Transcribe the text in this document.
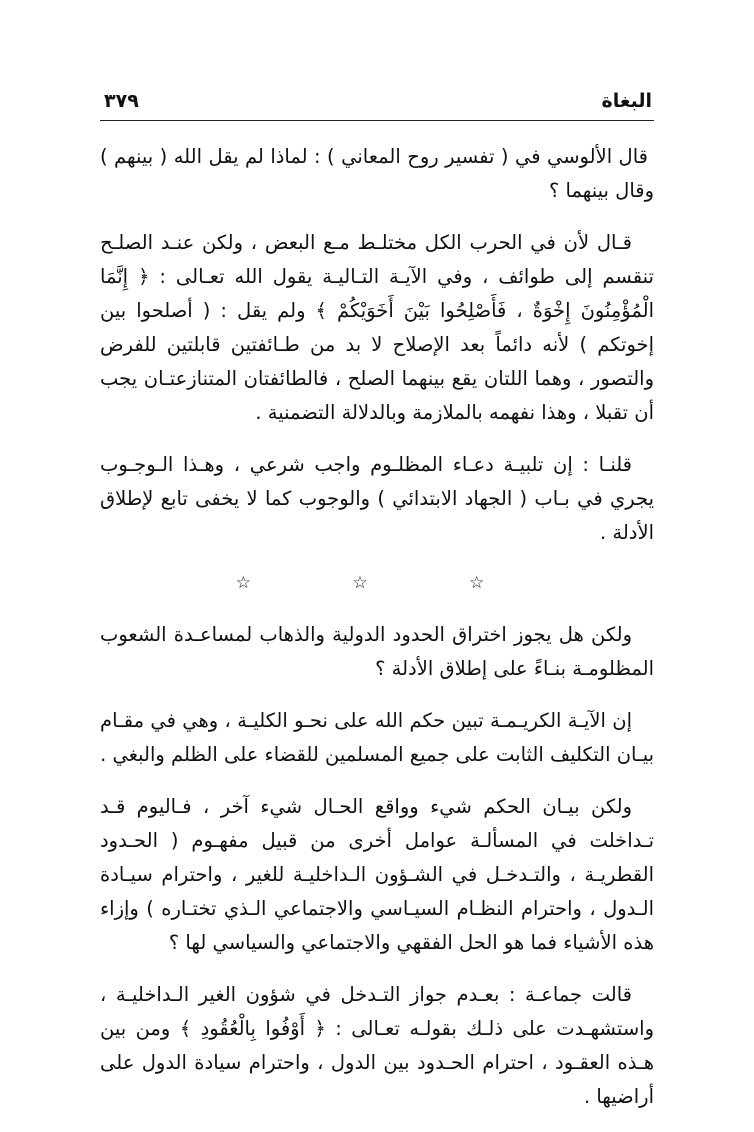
البغاة
٣٧٩

قال الألوسي في ( تفسير روح المعاني ) : لماذا لم يقل الله ( بينهم ) وقال بينهما ؟

قـال لأن في الحرب الكل مختلـط مـع البعض ، ولكن عنـد الصلـح تنقسم إلى طوائف ، وفي الآيـة التـاليـة يقول الله تعـالى : ﴿ إِنَّمَا الْمُؤْمِنُونَ إِخْوَةٌ ، فَأَصْلِحُوا بَيْنَ أَخَوَيْكُمْ ﴾ ولم يقل : ( أصلحوا بين إخوتكم ) لأنه دائماً بعد الإصلاح لا بد من طـائفتين قابلتين للفرض والتصور ، وهما اللتان يقع بينهما الصلح ، فالطائفتان المتنازعتـان يجب أن تقبلا ، وهذا نفهمه بالملازمة وبالدلالة التضمنية .

قلنـا : إن تلبيـة دعـاء المظلـوم واجب شرعي ، وهـذا الـوجـوب يجري في بـاب ( الجهاد الابتدائي ) والوجوب كما لا يخفى تابع لإطلاق الأدلة .

☆	☆	☆

ولكن هل يجوز اختراق الحدود الدولية والذهاب لمساعـدة الشعوب المظلومـة بنـاءً على إطلاق الأدلة ؟

إن الآيـة الكريـمـة تبين حكم الله على نحـو الكليـة ، وهي في مقـام بيـان التكليف الثابت على جميع المسلمين للقضاء على الظلم والبغي .

ولكن بيـان الحكم شيء وواقع الحـال شيء آخر ، فـاليوم قـد تـداخلت في المسألـة عوامل أخرى من قبيل مفهـوم ( الحـدود القطريـة ، والتـدخـل في الشـؤون الـداخليـة للغير ، واحترام سيـادة الـدول ، واحترام النظـام السيـاسي والاجتماعي الـذي تختـاره ) وإزاء هذه الأشياء فما هو الحل الفقهي والاجتماعي والسياسي لها ؟

قالت جماعـة : بعـدم جواز التـدخل في شؤون الغير الـداخليـة ، واستشهـدت على ذلـك بقولـه تعـالى : ﴿ أَوْفُوا بِالْعُقُودِ ﴾ ومن بين هـذه العقـود ، احترام الحـدود بين الدول ، واحترام سيادة الدول على أراضيها .
